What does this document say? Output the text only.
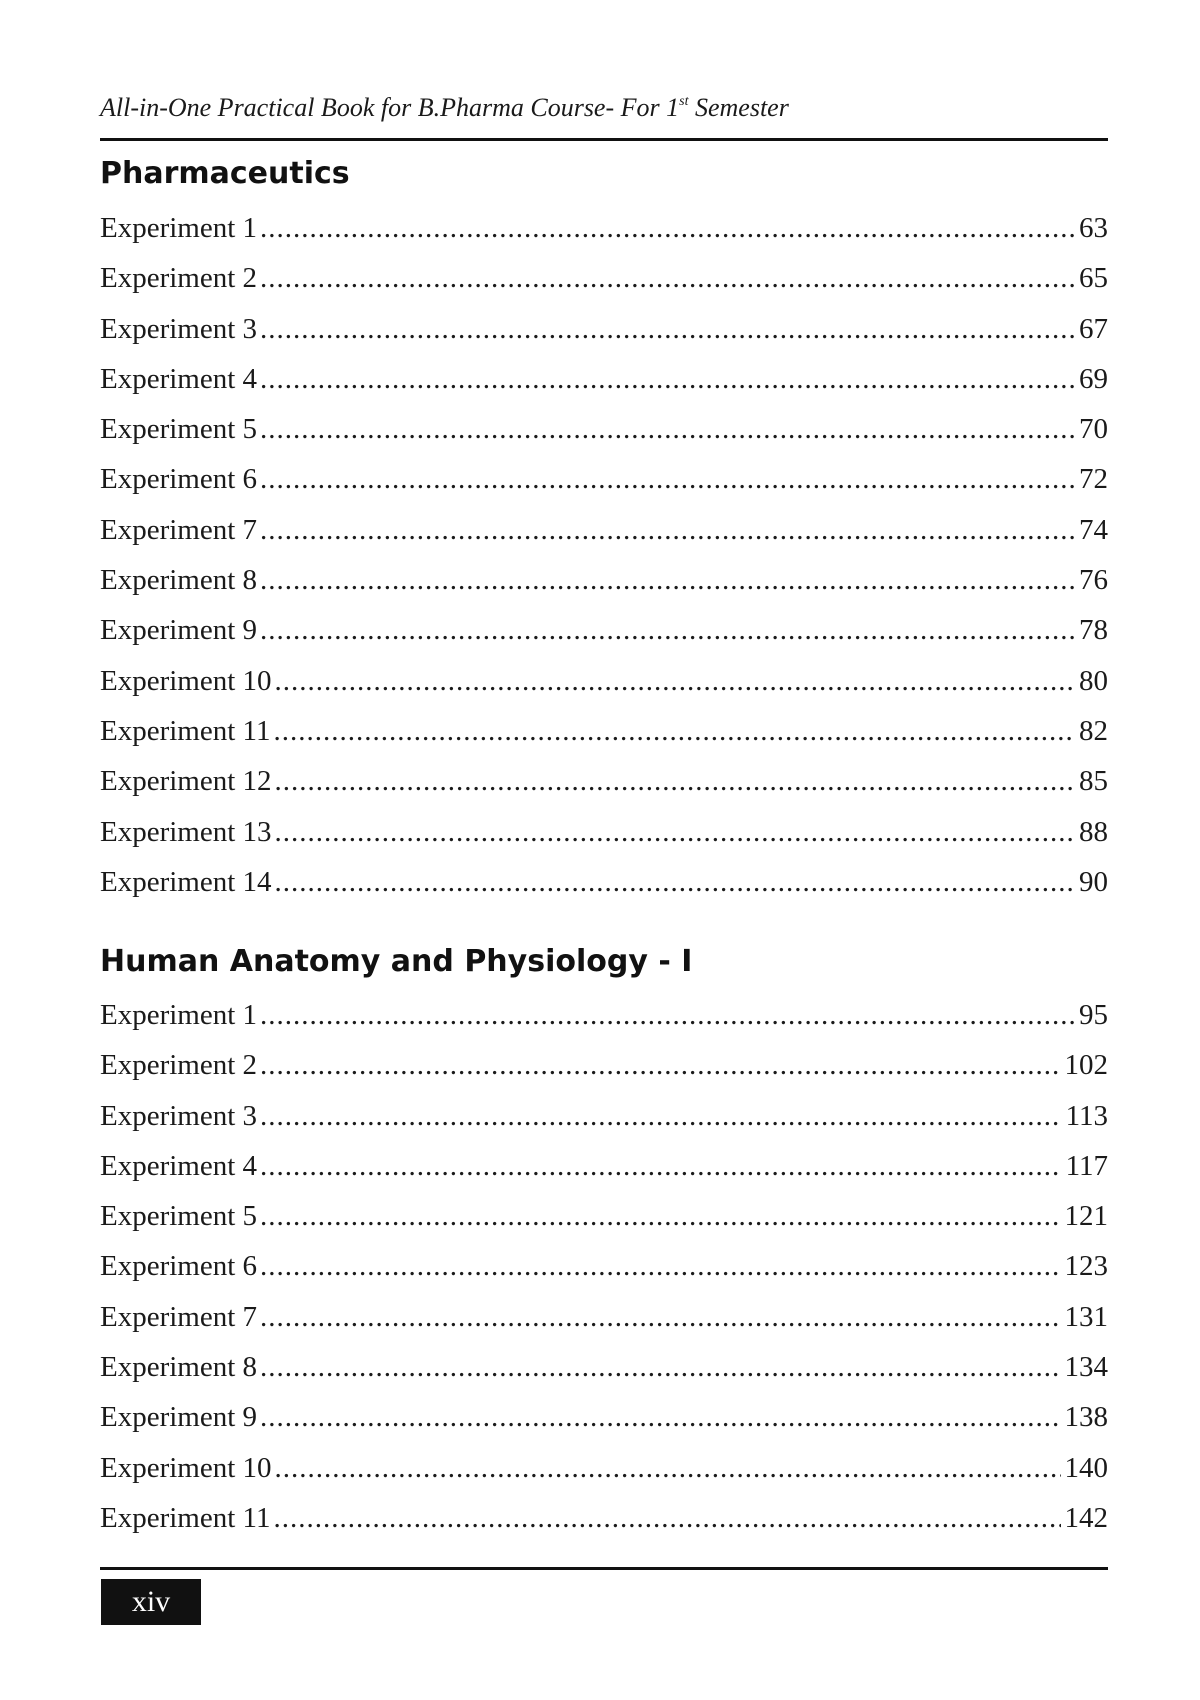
All-in-One Practical Book for B.Pharma Course- For 1st Semester
Pharmaceutics
Experiment 1 .....	63
Experiment 2 .....	65
Experiment 3 .....	67
Experiment 4 .....	69
Experiment 5 .....	70
Experiment 6 .....	72
Experiment 7 .....	74
Experiment 8 .....	76
Experiment 9 .....	78
Experiment 10 .....	80
Experiment 11 .....	82
Experiment 12 .....	85
Experiment 13 .....	88
Experiment 14 .....	90
Human Anatomy and Physiology - I
Experiment 1 .....	95
Experiment 2 .....	102
Experiment 3 .....	113
Experiment 4 .....	117
Experiment 5 .....	121
Experiment 6 .....	123
Experiment 7 .....	131
Experiment 8 .....	134
Experiment 9 .....	138
Experiment 10 .....	140
Experiment 11 .....	142
xiv
